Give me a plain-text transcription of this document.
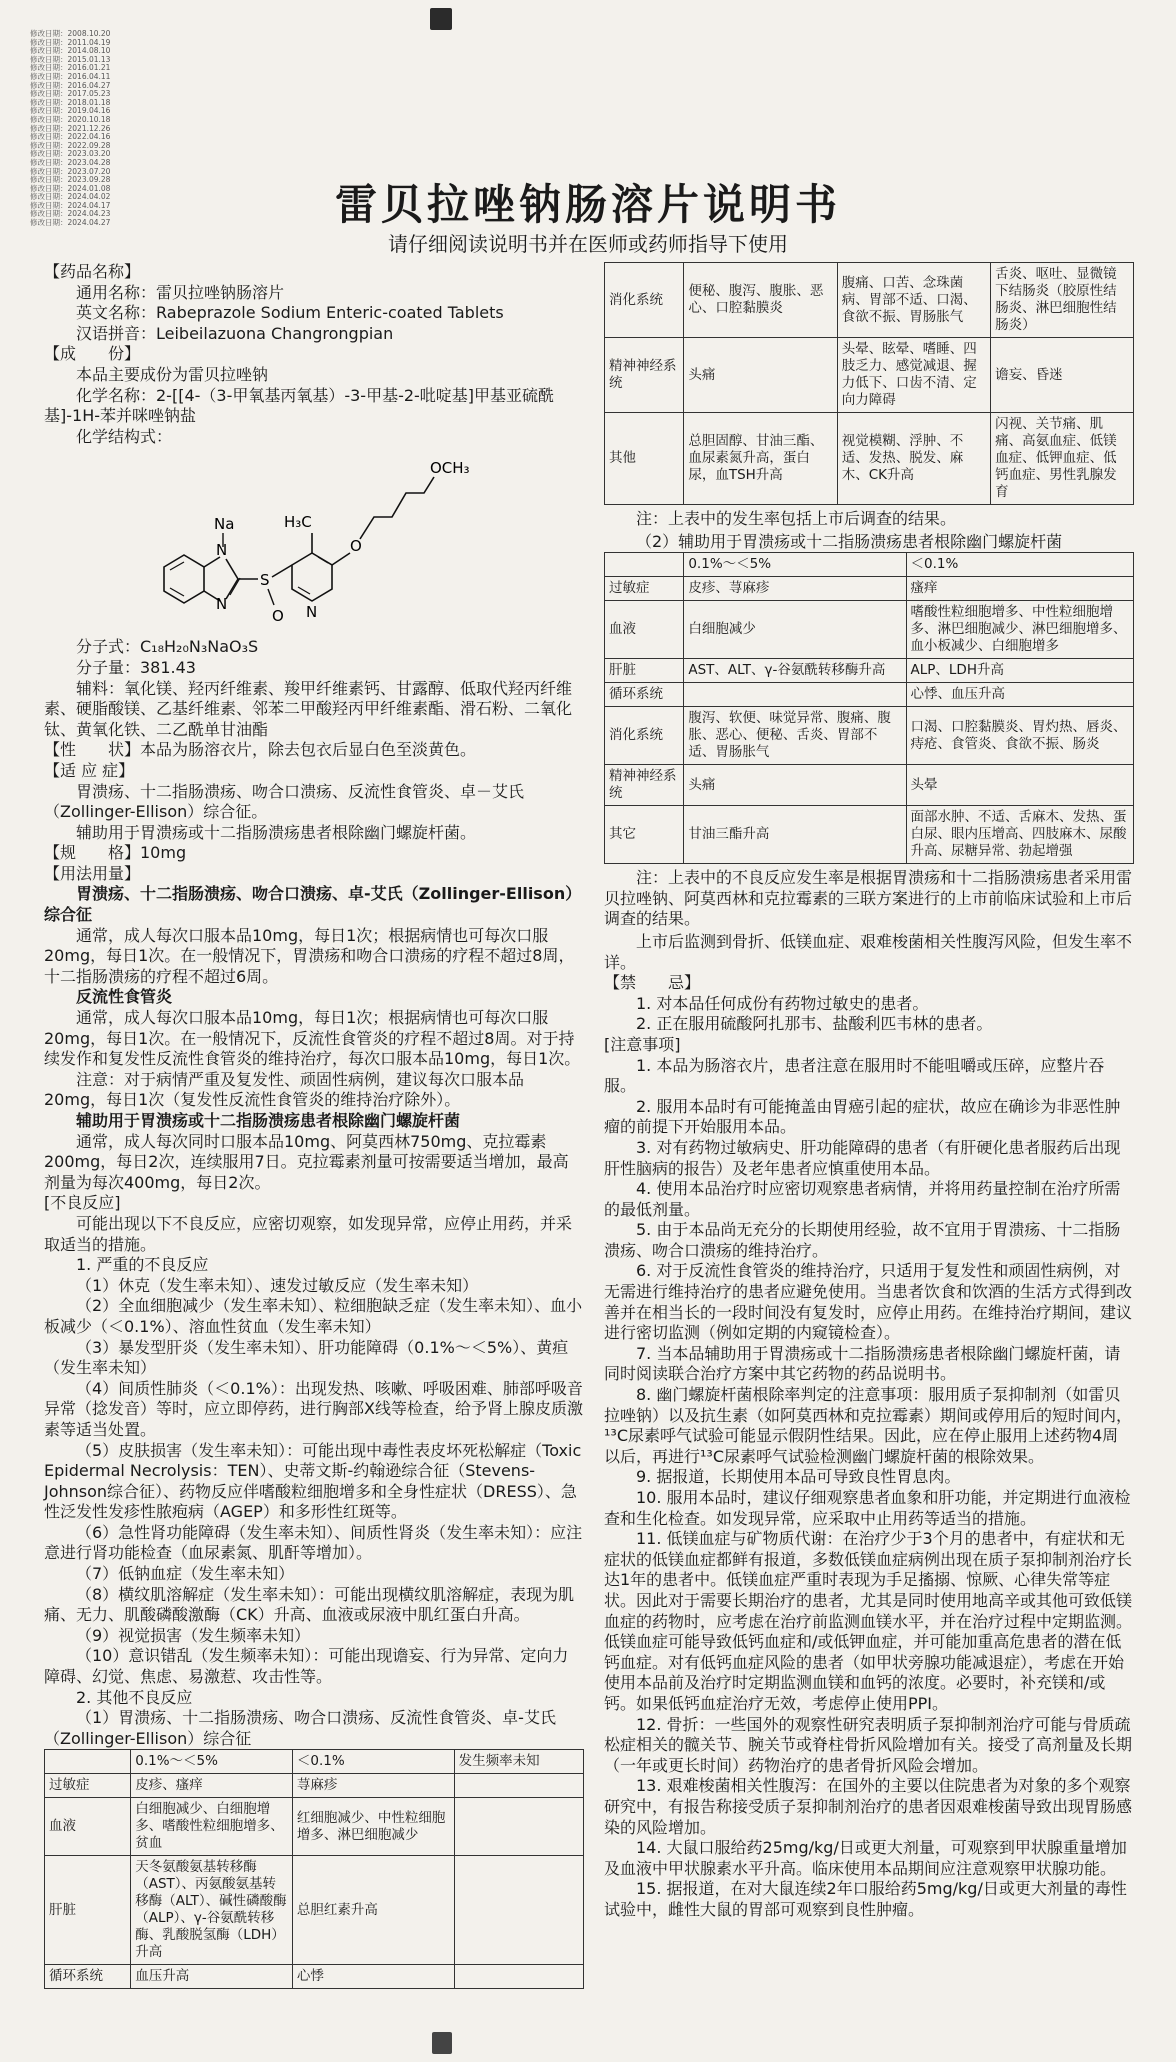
修改日期：2008.10.20
修改日期：2011.04.19
修改日期：2014.08.10
修改日期：2015.01.13
修改日期：2016.01.21
修改日期：2016.04.11
修改日期：2016.04.27
修改日期：2017.05.23
修改日期：2018.01.18
修改日期：2019.04.16
修改日期：2020.10.18
修改日期：2021.12.26
修改日期：2022.04.16
修改日期：2022.09.28
修改日期：2023.03.20
修改日期：2023.04.28
修改日期：2023.07.20
修改日期：2023.09.28
修改日期：2024.01.08
修改日期：2024.04.02
修改日期：2024.04.17
修改日期：2024.04.23
修改日期：2024.04.27	雷贝拉唑钠肠溶片说明书
请仔细阅读说明书并在医师或药师指导下使用

【药品名称】

通用名称：雷贝拉唑钠肠溶片

英文名称：Rabeprazole Sodium Enteric-coated Tablets

汉语拼音：Leibeilazuona Changrongpian

【成　　份】

本品主要成份为雷贝拉唑钠

化学名称：2-[[4-（3-甲氧基丙氧基）-3-甲基-2-吡啶基]甲基亚硫酰基]-1H-苯并咪唑钠盐

化学结构式：

N
N
Na
S
O N
H₃C
O
OCH₃

分子式：C₁₈H₂₀N₃NaO₃S

分子量：381.43

辅料：氧化镁、羟丙纤维素、羧甲纤维素钙、甘露醇、低取代羟丙纤维素、硬脂酸镁、乙基纤维素、邻苯二甲酸羟丙甲纤维素酯、滑石粉、二氧化钛、黄氧化铁、二乙酰单甘油酯

【性　　状】本品为肠溶衣片，除去包衣后显白色至淡黄色。

【适 应 症】

胃溃疡、十二指肠溃疡、吻合口溃疡、反流性食管炎、卓－艾氏（Zollinger-Ellison）综合征。

辅助用于胃溃疡或十二指肠溃疡患者根除幽门螺旋杆菌。

【规　　格】10mg

【用法用量】

胃溃疡、十二指肠溃疡、吻合口溃疡、卓-艾氏（Zollinger-Ellison）综合征

通常，成人每次口服本品10mg，每日1次；根据病情也可每次口服20mg，每日1次。在一般情况下，胃溃疡和吻合口溃疡的疗程不超过8周，十二指肠溃疡的疗程不超过6周。

反流性食管炎

通常，成人每次口服本品10mg，每日1次；根据病情也可每次口服20mg，每日1次。在一般情况下，反流性食管炎的疗程不超过8周。对于持续发作和复发性反流性食管炎的维持治疗，每次口服本品10mg，每日1次。

注意：对于病情严重及复发性、顽固性病例，建议每次口服本品20mg，每日1次（复发性反流性食管炎的维持治疗除外）。

辅助用于胃溃疡或十二指肠溃疡患者根除幽门螺旋杆菌

通常，成人每次同时口服本品10mg、阿莫西林750mg、克拉霉素200mg，每日2次，连续服用7日。克拉霉素剂量可按需要适当增加，最高剂量为每次400mg，每日2次。

[不良反应]

可能出现以下不良反应，应密切观察，如发现异常，应停止用药，并采取适当的措施。

1. 严重的不良反应

（1）休克（发生率未知）、速发过敏反应（发生率未知）

（2）全血细胞减少（发生率未知）、粒细胞缺乏症（发生率未知）、血小板减少（＜0.1%）、溶血性贫血（发生率未知）

（3）暴发型肝炎（发生率未知）、肝功能障碍（0.1%～＜5%）、黄疸（发生率未知）

（4）间质性肺炎（＜0.1%）：出现发热、咳嗽、呼吸困难、肺部呼吸音异常（捻发音）等时，应立即停药，进行胸部X线等检查，给予肾上腺皮质激素等适当处置。

（5）皮肤损害（发生率未知）：可能出现中毒性表皮坏死松解症（Toxic Epidermal Necrolysis：TEN）、史蒂文斯-约翰逊综合征（Stevens-Johnson综合征）、药物反应伴嗜酸粒细胞增多和全身性症状（DRESS）、急性泛发性发疹性脓疱病（AGEP）和多形性红斑等。

（6）急性肾功能障碍（发生率未知）、间质性肾炎（发生率未知）：应注意进行肾功能检查（血尿素氮、肌酐等增加）。

（7）低钠血症（发生率未知）

（8）横纹肌溶解症（发生率未知）：可能出现横纹肌溶解症，表现为肌痛、无力、肌酸磷酸激酶（CK）升高、血液或尿液中肌红蛋白升高。

（9）视觉损害（发生频率未知）

（10）意识错乱（发生频率未知）：可能出现谵妄、行为异常、定向力障碍、幻觉、焦虑、易激惹、攻击性等。

2. 其他不良反应

（1）胃溃疡、十二指肠溃疡、吻合口溃疡、反流性食管炎、卓-艾氏（Zollinger-Ellison）综合征

	0.1%～＜5%	＜0.1%	发生频率未知
过敏症	皮疹、瘙痒	荨麻疹	
血液	白细胞减少、白细胞增多、嗜酸性粒细胞增多、贫血	红细胞减少、中性粒细胞增多、淋巴细胞减少	
肝脏	天冬氨酸氨基转移酶（AST）、丙氨酸氨基转移酶（ALT）、碱性磷酸酶（ALP）、γ-谷氨酰转移酶、乳酸脱氢酶（LDH）升高	总胆红素升高	
循环系统	血压升高	心悸	
消化系统	便秘、腹泻、腹胀、恶心、口腔黏膜炎	腹痛、口苦、念珠菌病、胃部不适、口渴、食欲不振、胃肠胀气	舌炎、呕吐、显微镜下结肠炎（胶原性结肠炎、淋巴细胞性结肠炎）
精神神经系统	头痛	头晕、眩晕、嗜睡、四肢乏力、感觉减退、握力低下、口齿不清、定向力障碍	谵妄、昏迷
其他	总胆固醇、甘油三酯、血尿素氮升高，蛋白尿，血TSH升高	视觉模糊、浮肿、不适、发热、脱发、麻木、CK升高	闪视、关节痛、肌痛、高氨血症、低镁血症、低钾血症、低钙血症、男性乳腺发育

注：上表中的发生率包括上市后调查的结果。

（2）辅助用于胃溃疡或十二指肠溃疡患者根除幽门螺旋杆菌

	0.1%～＜5%	＜0.1%
过敏症	皮疹、荨麻疹	瘙痒
血液	白细胞减少	嗜酸性粒细胞增多、中性粒细胞增多、淋巴细胞减少、淋巴细胞增多、血小板减少、白细胞增多
肝脏	AST、ALT、γ-谷氨酰转移酶升高	ALP、LDH升高
循环系统		心悸、血压升高
消化系统	腹泻、软便、味觉异常、腹痛、腹胀、恶心、便秘、舌炎、胃部不适、胃肠胀气	口渴、口腔黏膜炎、胃灼热、唇炎、痔疮、食管炎、食欲不振、肠炎
精神神经系统	头痛	头晕
其它	甘油三酯升高	面部水肿、不适、舌麻木、发热、蛋白尿、眼内压增高、四肢麻木、尿酸升高、尿糖异常、勃起增强

注：上表中的不良反应发生率是根据胃溃疡和十二指肠溃疡患者采用雷贝拉唑钠、阿莫西林和克拉霉素的三联方案进行的上市前临床试验和上市后调查的结果。

上市后监测到骨折、低镁血症、艰难梭菌相关性腹泻风险，但发生率不详。

【禁　　忌】

1. 对本品任何成份有药物过敏史的患者。

2. 正在服用硫酸阿扎那韦、盐酸利匹韦林的患者。

[注意事项]

1. 本品为肠溶衣片，患者注意在服用时不能咀嚼或压碎，应整片吞服。

2. 服用本品时有可能掩盖由胃癌引起的症状，故应在确诊为非恶性肿瘤的前提下开始服用本品。

3. 对有药物过敏病史、肝功能障碍的患者（有肝硬化患者服药后出现肝性脑病的报告）及老年患者应慎重使用本品。

4. 使用本品治疗时应密切观察患者病情，并将用药量控制在治疗所需的最低剂量。

5. 由于本品尚无充分的长期使用经验，故不宜用于胃溃疡、十二指肠溃疡、吻合口溃疡的维持治疗。

6. 对于反流性食管炎的维持治疗，只适用于复发性和顽固性病例，对无需进行维持治疗的患者应避免使用。当患者饮食和饮酒的生活方式得到改善并在相当长的一段时间没有复发时，应停止用药。在维持治疗期间，建议进行密切监测（例如定期的内窥镜检查）。

7. 当本品辅助用于胃溃疡或十二指肠溃疡患者根除幽门螺旋杆菌，请同时阅读联合治疗方案中其它药物的药品说明书。

8. 幽门螺旋杆菌根除率判定的注意事项：服用质子泵抑制剂（如雷贝拉唑钠）以及抗生素（如阿莫西林和克拉霉素）期间或停用后的短时间内，¹³C尿素呼气试验可能显示假阴性结果。因此，应在停止服用上述药物4周以后，再进行¹³C尿素呼气试验检测幽门螺旋杆菌的根除效果。

9. 据报道，长期使用本品可导致良性胃息肉。

10. 服用本品时，建议仔细观察患者血象和肝功能，并定期进行血液检查和生化检查。如发现异常，应采取中止用药等适当的措施。

11. 低镁血症与矿物质代谢：在治疗少于3个月的患者中，有症状和无症状的低镁血症都鲜有报道，多数低镁血症病例出现在质子泵抑制剂治疗长达1年的患者中。低镁血症严重时表现为手足搐搦、惊厥、心律失常等症状。因此对于需要长期治疗的患者，尤其是同时使用地高辛或其他可致低镁血症的药物时，应考虑在治疗前监测血镁水平，并在治疗过程中定期监测。低镁血症可能导致低钙血症和/或低钾血症，并可能加重高危患者的潜在低钙血症。对有低钙血症风险的患者（如甲状旁腺功能减退症），考虑在开始使用本品前及治疗时定期监测血镁和血钙的浓度。必要时，补充镁和/或钙。如果低钙血症治疗无效，考虑停止使用PPI。

12. 骨折：一些国外的观察性研究表明质子泵抑制剂治疗可能与骨质疏松症相关的髋关节、腕关节或脊柱骨折风险增加有关。接受了高剂量及长期（一年或更长时间）药物治疗的患者骨折风险会增加。

13. 艰难梭菌相关性腹泻：在国外的主要以住院患者为对象的多个观察研究中，有报告称接受质子泵抑制剂治疗的患者因艰难梭菌导致出现胃肠感染的风险增加。

14. 大鼠口服给药25mg/kg/日或更大剂量，可观察到甲状腺重量增加及血液中甲状腺素水平升高。临床使用本品期间应注意观察甲状腺功能。

15. 据报道，在对大鼠连续2年口服给药5mg/kg/日或更大剂量的毒性试验中，雌性大鼠的胃部可观察到良性肿瘤。
